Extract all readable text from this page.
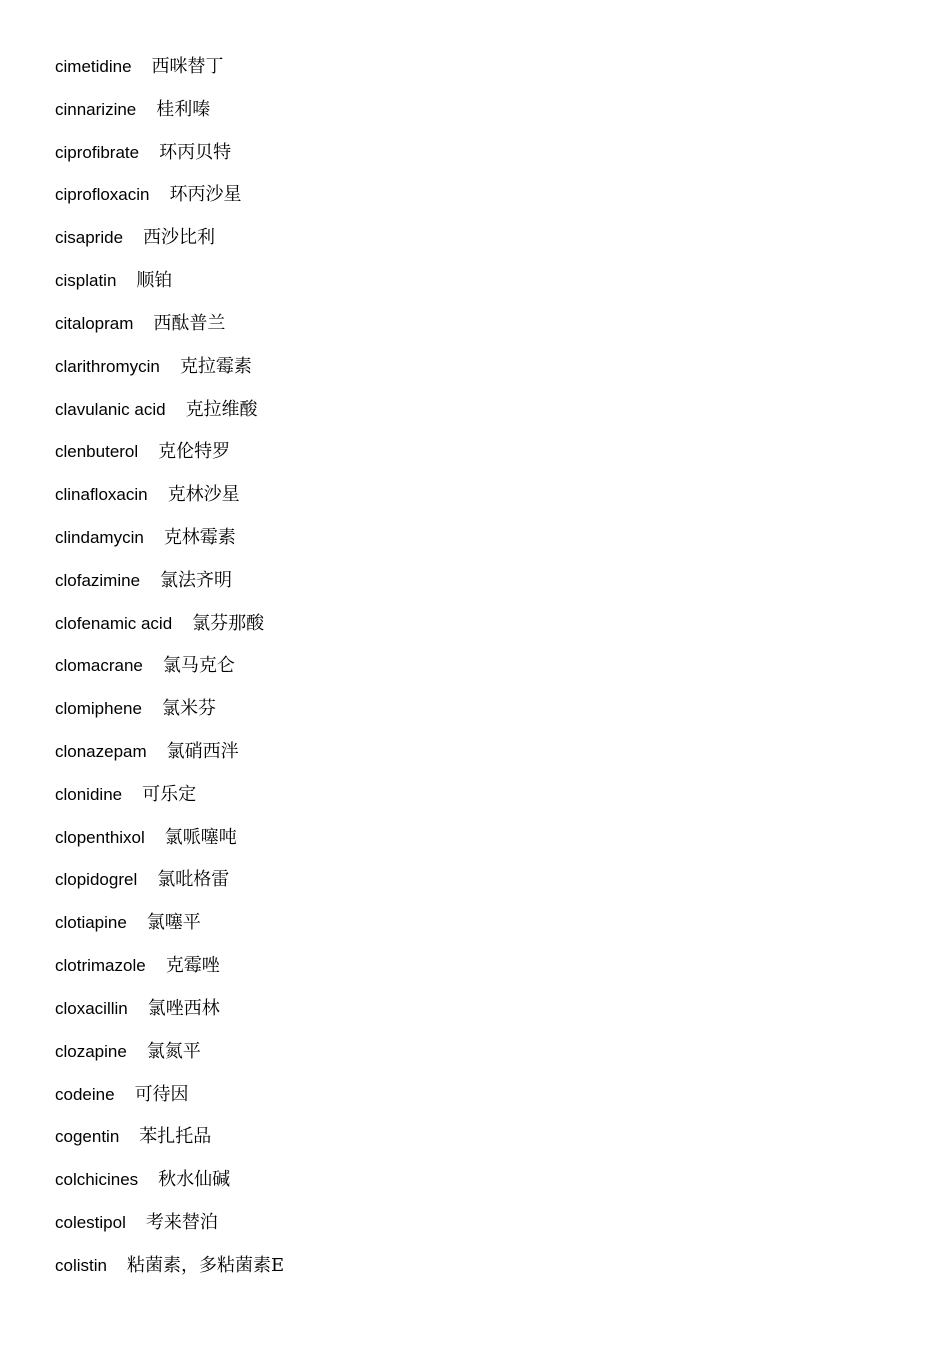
cimetidine 西咪替丁
cinnarizine 桂利嗪
ciprofibrate 环丙贝特
ciprofloxacin 环丙沙星
cisapride 西沙比利
cisplatin 顺铂
citalopram 西酞普兰
clarithromycin 克拉霉素
clavulanic acid 克拉维酸
clenbuterol 克伦特罗
clinafloxacin 克林沙星
clindamycin 克林霉素
clofazimine 氯法齐明
clofenamic acid 氯芬那酸
clomacrane 氯马克仑
clomiphene 氯米芬
clonazepam 氯硝西泮
clonidine 可乐定
clopenthixol 氯哌噻吨
clopidogrel 氯吡格雷
clotiapine 氯噻平
clotrimazole 克霉唑
cloxacillin 氯唑西林
clozapine 氯氮平
codeine 可待因
cogentin 苯扎托品
colchicines 秋水仙碱
colestipol 考来替泊
colistin 粘菌素，多粘菌素E
